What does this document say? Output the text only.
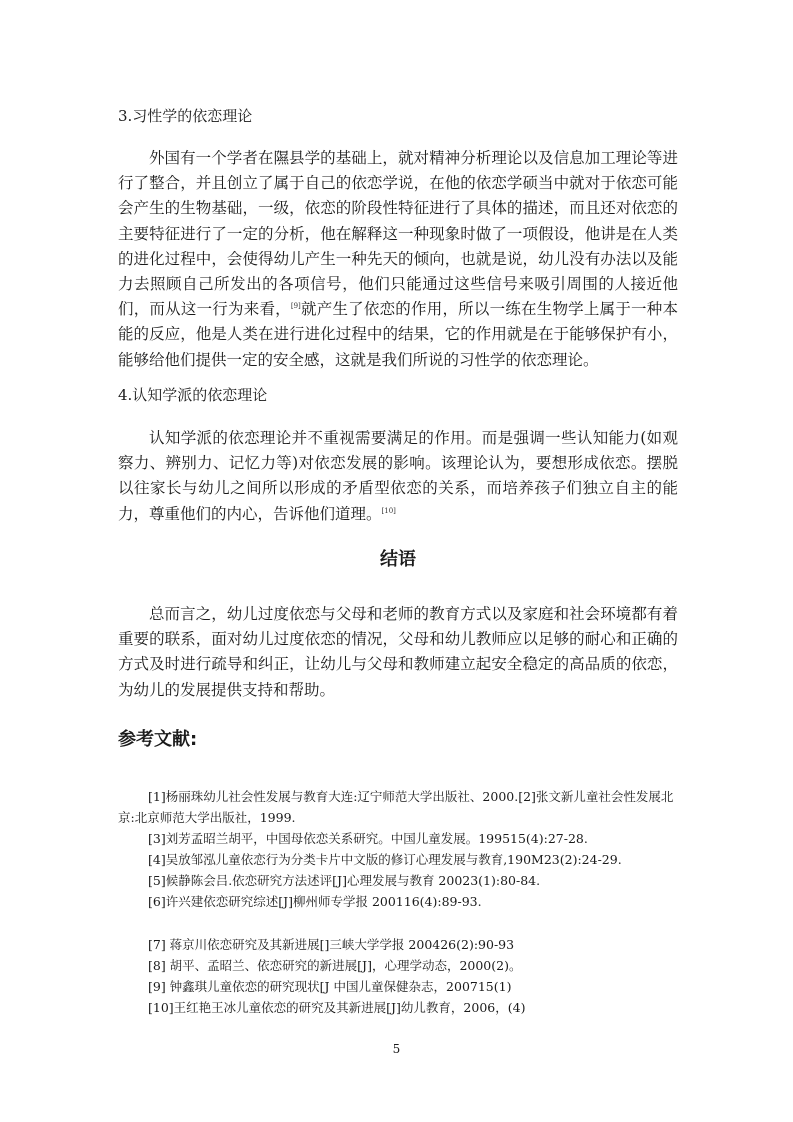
3.习性学的依恋理论

外国有一个学者在隰县学的基础上，就对精神分析理论以及信息加工理论等进行了整合，并且创立了属于自己的依恋学说，在他的依恋学硕当中就对于依恋可能会产生的生物基础，一级，依恋的阶段性特征进行了具体的描述，而且还对依恋的主要特征进行了一定的分析，他在解释这一种现象时做了一项假设，他讲是在人类的进化过程中，会使得幼儿产生一种先天的倾向，也就是说，幼儿没有办法以及能力去照顾自己所发出的各项信号，他们只能通过这些信号来吸引周围的人接近他们，而从这一行为来看，[9]就产生了依恋的作用，所以一练在生物学上属于一种本能的反应，他是人类在进行进化过程中的结果，它的作用就是在于能够保护有小，能够给他们提供一定的安全感，这就是我们所说的习性学的依恋理论。

4.认知学派的依恋理论

认知学派的依恋理论并不重视需要满足的作用。而是强调一些认知能力(如观察力、辨别力、记忆力等)对依恋发展的影响。该理论认为，要想形成依恋。摆脱以往家长与幼儿之间所以形成的矛盾型依恋的关系，而培养孩子们独立自主的能力，尊重他们的内心，告诉他们道理。[10]

结语

总而言之，幼儿过度依恋与父母和老师的教育方式以及家庭和社会环境都有着重要的联系，面对幼儿过度依恋的情况，父母和幼儿教师应以足够的耐心和正确的方式及时进行疏导和纠正，让幼儿与父母和教师建立起安全稳定的高品质的依恋，为幼儿的发展提供支持和帮助。

参考文献:
[1]杨丽珠幼儿社会性发展与教育大连:辽宁师范大学出版社、2000.[2]张文新儿童社会性发展北京:北京师范大学出版社，1999.
[3]刘芳孟昭兰胡平，中国母依恋关系研究。中国儿童发展。199515(4):27-28.
[4]吴放邹泓儿童依恋行为分类卡片中文版的修订心理发展与教育,190M23(2):24-29.
[5]候静陈会吕.依恋研究方法述评[J]心理发展与教育 20023(1):80-84.
[6]许兴建依恋研究综述[J]柳州师专学报 200116(4):89-93.
[7] 蒋京川依恋研究及其新进展[]三峡大学学报 200426(2):90-93
[8] 胡平、孟昭兰、依恋研究的新进展[J]，心理学动态，2000(2)。
[9] 钟鑫琪儿童依恋的研究现状[J 中国儿童保健杂志，200715(1)
[10]王红艳王冰儿童依恋的研究及其新进展[J]幼儿教育，2006，(4)
5
